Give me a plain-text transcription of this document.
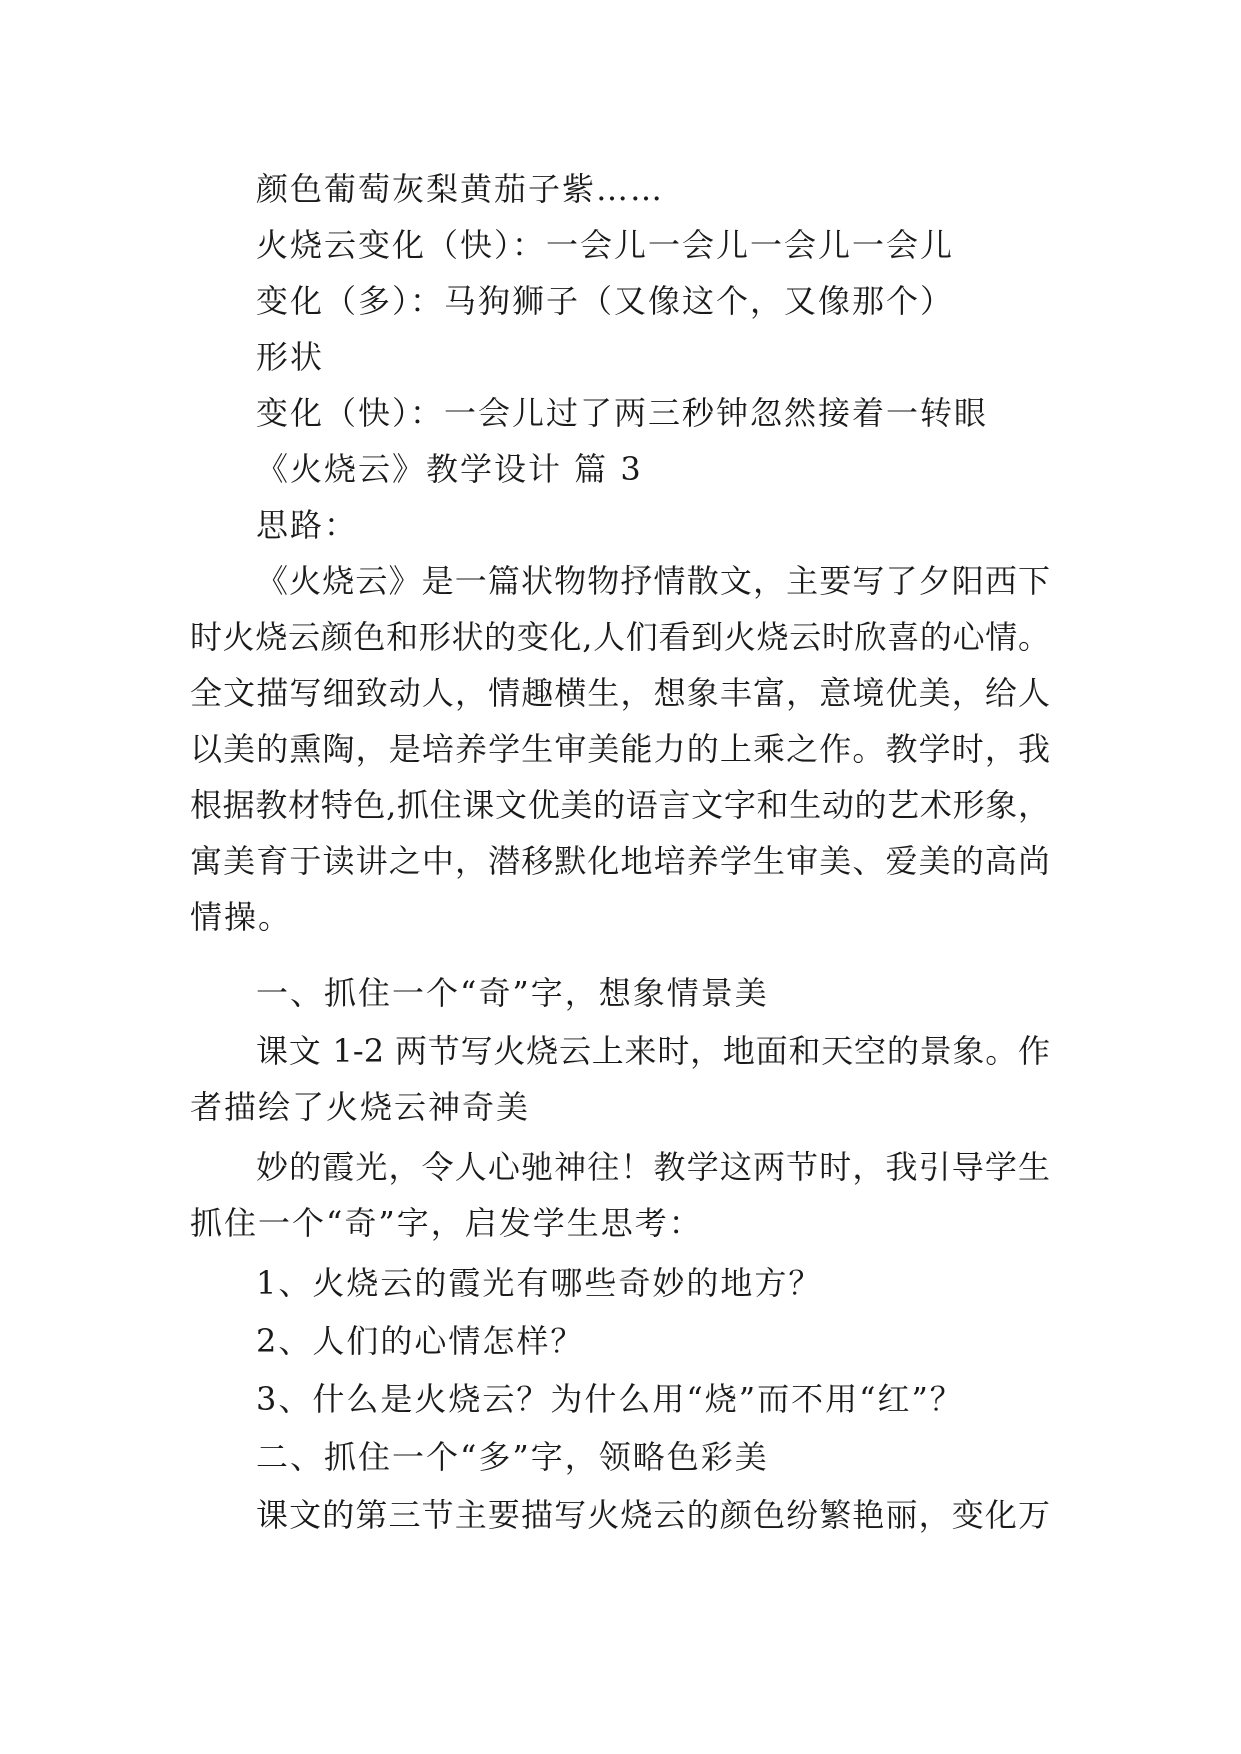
颜色葡萄灰梨黄茄子紫……
火烧云变化（快）：一会儿一会儿一会儿一会儿
变化（多）：马狗狮子（又像这个，又像那个）
形状
变化（快）：一会儿过了两三秒钟忽然接着一转眼
《火烧云》教学设计 篇 3
思路：
《火烧云》是一篇状物物抒情散文，主要写了夕阳西下
时火烧云颜色和形状的变化,人们看到火烧云时欣喜的心情。
全文描写细致动人，情趣横生，想象丰富，意境优美，给人
以美的熏陶，是培养学生审美能力的上乘之作。教学时，我
根据教材特色,抓住课文优美的语言文字和生动的艺术形象，
寓美育于读讲之中，潜移默化地培养学生审美、爱美的高尚
情操。
一、抓住一个“奇”字，想象情景美
课文 1-2 两节写火烧云上来时，地面和天空的景象。作
者描绘了火烧云神奇美
妙的霞光，令人心驰神往！教学这两节时，我引导学生
抓住一个“奇”字，启发学生思考：
1、火烧云的霞光有哪些奇妙的地方？
2、人们的心情怎样？
3、什么是火烧云？为什么用“烧”而不用“红”？
二、抓住一个“多”字，领略色彩美
课文的第三节主要描写火烧云的颜色纷繁艳丽，变化万
